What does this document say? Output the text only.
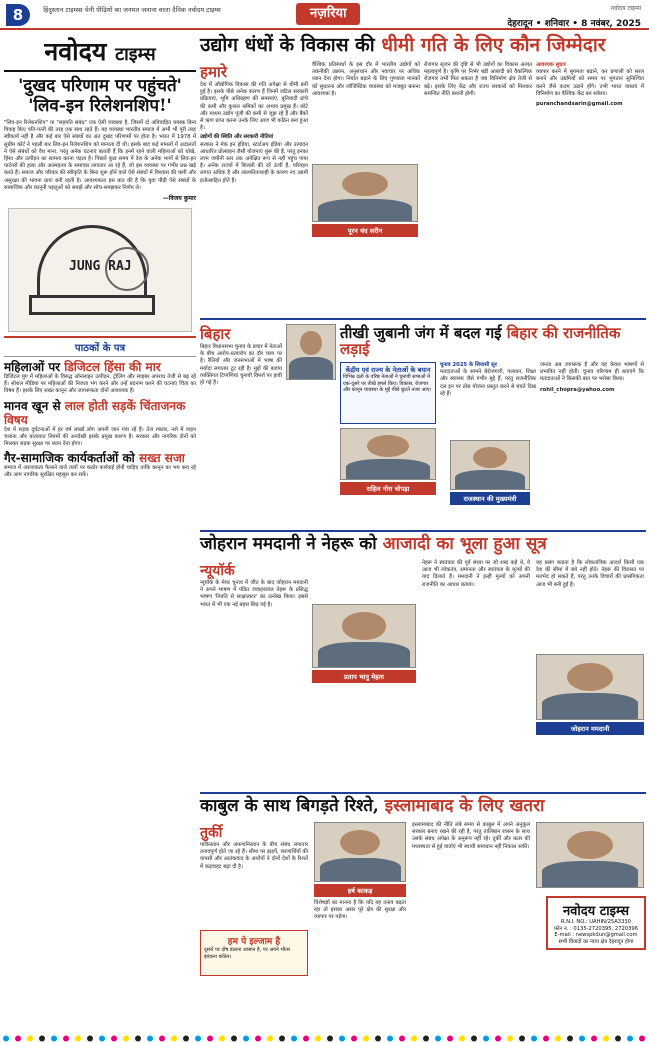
8	हिंदुस्तान टाइम्स्स चेनी पीढ़ियों का जनमत जनाना वाला दैनिक नवोदय टाइम्स	नज़रिया	नवोदय टाइम्स
देहरादून • शनिवार • 8 नवंबर, 2025
नवोदय टाइम्स
'दुखद परिणाम पर पहुंचते'
'लिव-इन रिलेशनशिप!'

"लिव-इन रिलेशनशिप" या "सहमति संबंध" एक ऐसी व्यवस्था है, जिसमें दो अविवाहित वयस्क बिना विवाह किए पति-पत्नी की तरह एक साथ रहते हैं। यह व्यवस्था भारतीय समाज में अभी भी पूरी तरह स्वीकार्य नहीं है और कई बार ऐसे संबंधों का अंत दुखद परिणामों पर होता है। भारत में 1978 में सुप्रीम कोर्ट ने पहली बार लिव-इन रिलेशनशिप को मान्यता दी थी। इसके बाद कई मामलों में अदालतों ने ऐसे संबंधों को वैध माना, परंतु अनेक घटनाएं बताती हैं कि इनमें रहने वाली महिलाओं को धोखे, हिंसा और उत्पीड़न का सामना करना पड़ता है। पिछले कुछ समय में देश के अनेक भागों से लिव-इन पार्टनरों की हत्या और आत्महत्या के समाचार लगातार आ रहे हैं, जो इस व्यवस्था पर गंभीर प्रश्न खड़े करते हैं। समाज और परिवार की स्वीकृति के बिना शुरू होने वाले ऐसे संबंधों में विश्वास की कमी और असुरक्षा की भावना प्रायः बनी रहती है। आवश्यकता इस बात की है कि युवा पीढ़ी ऐसे संबंधों के सामाजिक और कानूनी पहलुओं को समझे और सोच-समझकर निर्णय ले।

—विजय कुमार
JUNG RAJ
पाठकों के पत्र
महिलाओं पर डिजिटल हिंसा की मार

डिजिटल युग में महिलाओं के विरुद्ध ऑनलाइन उत्पीड़न, ट्रोलिंग और साइबर अपराध तेजी से बढ़ रहे हैं। सोशल मीडिया पर महिलाओं की निजता भंग करने और उन्हें बदनाम करने की घटनाएं चिंता का विषय हैं। इसके लिए सख्त कानून और जागरूकता दोनों आवश्यक हैं।

मानव खून से लाल होती सड़कें चिंताजनक विषय

देश में सड़क दुर्घटनाओं में हर वर्ष लाखों लोग अपनी जान गंवा रहे हैं। तेज रफ्तार, नशे में वाहन चलाना और यातायात नियमों की अनदेखी इसके प्रमुख कारण हैं। सरकार और नागरिक दोनों को मिलकर सड़क सुरक्षा पर ध्यान देना होगा।

गैर-सामाजिक कार्यकर्ताओं को सख्त सजा

समाज में अराजकता फैलाने वाले तत्वों पर कठोर कार्रवाई होनी चाहिए ताकि कानून का भय बना रहे और आम नागरिक सुरक्षित महसूस कर सकें।

उद्योग धंधों के विकास की धीमी गति के लिए कौन जिम्मेदार
हमारे

देश में औद्योगिक विकास की गति अपेक्षा से धीमी बनी हुई है। इसके पीछे अनेक कारण हैं जिनमें जटिल सरकारी प्रक्रियाएं, भूमि अधिग्रहण की समस्याएं, बुनियादी ढांचे की कमी और कुशल श्रमिकों का अभाव प्रमुख हैं। छोटे और मध्यम उद्योग पूंजी की कमी से जूझ रहे हैं और बैंकों से ऋण प्राप्त करना उनके लिए आज भी कठिन बना हुआ है।

उद्योगों की स्थिति और सरकारी नीतियां

सरकार ने मेक इन इंडिया, स्टार्टअप इंडिया और उत्पादन आधारित प्रोत्साहन जैसी योजनाएं शुरू की हैं, परंतु इनका लाभ जमीनी स्तर तक अपेक्षित रूप से नहीं पहुंच पाया है। अनेक राज्यों में बिजली की दरें ऊंची हैं, परिवहन लागत अधिक है और लालफीताशाही के कारण नए उद्यमी हतोत्साहित होते हैं।

वैश्विक प्रतिस्पर्धा के इस दौर में भारतीय उद्योगों को तकनीकी उन्नयन, अनुसंधान और नवाचार पर अधिक ध्यान देना होगा। निर्यात बढ़ाने के लिए गुणवत्ता मानकों को सुधारना और लॉजिस्टिक व्यवस्था को मजबूत बनाना आवश्यक है।

पूरन चंद सरीन

रोजगार सृजन की दृष्टि से भी उद्योगों का विकास अत्यंत महत्वपूर्ण है। कृषि पर निर्भर बड़ी आबादी को वैकल्पिक रोजगार तभी मिल सकता है जब विनिर्माण क्षेत्र तेजी से बढ़े। इसके लिए केंद्र और राज्य सरकारों को मिलकर समन्वित नीति बनानी होगी।

आवश्यक सुधार

व्यापार करने में सुगमता बढ़ाने, कर प्रणाली को सरल बनाने और उद्यमियों को समय पर भुगतान सुनिश्चित करने जैसे कदम उठाने होंगे। तभी भारत वास्तव में विनिर्माण का वैश्विक केंद्र बन सकेगा।

puranchandsarin@gmail.com

बिहार

बिहार विधानसभा चुनाव के प्रचार में नेताओं के बीच आरोप-प्रत्यारोप का दौर चरम पर है। रैलियों और जनसभाओं में भाषा की मर्यादा लगातार टूट रही है। मुद्दों की बजाय व्यक्तिगत टिप्पणियां चुनावी विमर्श पर हावी हो गई हैं।

तीखी जुबानी जंग में बदल गई बिहार की राजनीतिक लड़ाई
केंद्रीय एवं राज्य के नेताओं के बयान

विभिन्न दलों के वरिष्ठ नेताओं ने चुनावी सभाओं में एक-दूसरे पर तीखे हमले किए। विकास, रोजगार और कानून व्यवस्था के मुद्दे पीछे छूटते नजर आए।

राहिल नोरा चोपड़ा

चुनाव 2025 के सियासी सुर

मतदाताओं के सामने बेरोजगारी, पलायन, शिक्षा और स्वास्थ्य जैसे गंभीर मुद्दे हैं, परंतु राजनीतिक दल इन पर ठोस योजना प्रस्तुत करने से बचते दिख रहे हैं।

राजस्थान की मुख्यमंत्री

जनता अब जागरूक है और वह केवल भाषणों से प्रभावित नहीं होती। चुनाव परिणाम ही बताएंगे कि मतदाताओं ने किसकी बात पर भरोसा किया।

rohil_chopra@yahoo.com

जोहरान ममदानी ने नेहरू को आजादी का भूला हुआ सूत्र
न्यूयॉर्क

न्यूयॉर्क के मेयर चुनाव में जीत के बाद जोहरान ममदानी ने अपने भाषण में पंडित जवाहरलाल नेहरू के प्रसिद्ध भाषण 'नियति से साक्षात्कार' का उल्लेख किया। इससे भारत में भी एक नई बहस छिड़ गई है।

प्रताप भानु मेहता

नेहरू ने स्वतंत्रता की पूर्व संध्या पर जो शब्द कहे थे, वे आज भी लोकतंत्र, समानता और स्वतंत्रता के मूल्यों की याद दिलाते हैं। ममदानी ने इन्हीं मूल्यों को अपनी राजनीति का आधार बताया।

जोहरान ममदानी

यह प्रसंग बताता है कि लोकतांत्रिक आदर्श किसी एक देश की सीमा में बंधे नहीं होते। नेहरू की विरासत पर मतभेद हो सकते हैं, परंतु उनके विचारों की प्रासंगिकता आज भी बनी हुई है।

काबुल के साथ बिगड़ते रिश्ते, इस्लामाबाद के लिए खतरा
तुर्की

पाकिस्तान और अफगानिस्तान के बीच संबंध लगातार तनावपूर्ण होते जा रहे हैं। सीमा पर झड़पें, शरणार्थियों की वापसी और आतंकवाद के आरोपों ने दोनों देशों के रिश्तों में कड़वाहट बढ़ा दी है।

हम पे इल्जाम है

दूसरों पर दोष डालना आसान है, पर अपने भीतर झांकना कठिन।

हर्ष काकड़

इस्लामाबाद की नीति लंबे समय से काबुल में अपने अनुकूल सरकार बनाए रखने की रही है, परंतु तालिबान शासन के साथ उसके संबंध अपेक्षा के अनुरूप नहीं रहे। तुर्की और कतर की मध्यस्थता से हुई वार्ताएं भी स्थायी समाधान नहीं निकाल सकीं।

विशेषज्ञों का मानना है कि यदि यह तनाव बढ़ता रहा तो इसका असर पूरे क्षेत्र की सुरक्षा और व्यापार पर पड़ेगा।	नवोदय टाइम्स
R.N.I. NO.: UAHIN/25A3330
फोन न. : 0135-2720395, 2720396
E-mail : newspkdun@gmail.com
सभी विवादों का न्याय क्षेत्र देहरादून होगा
